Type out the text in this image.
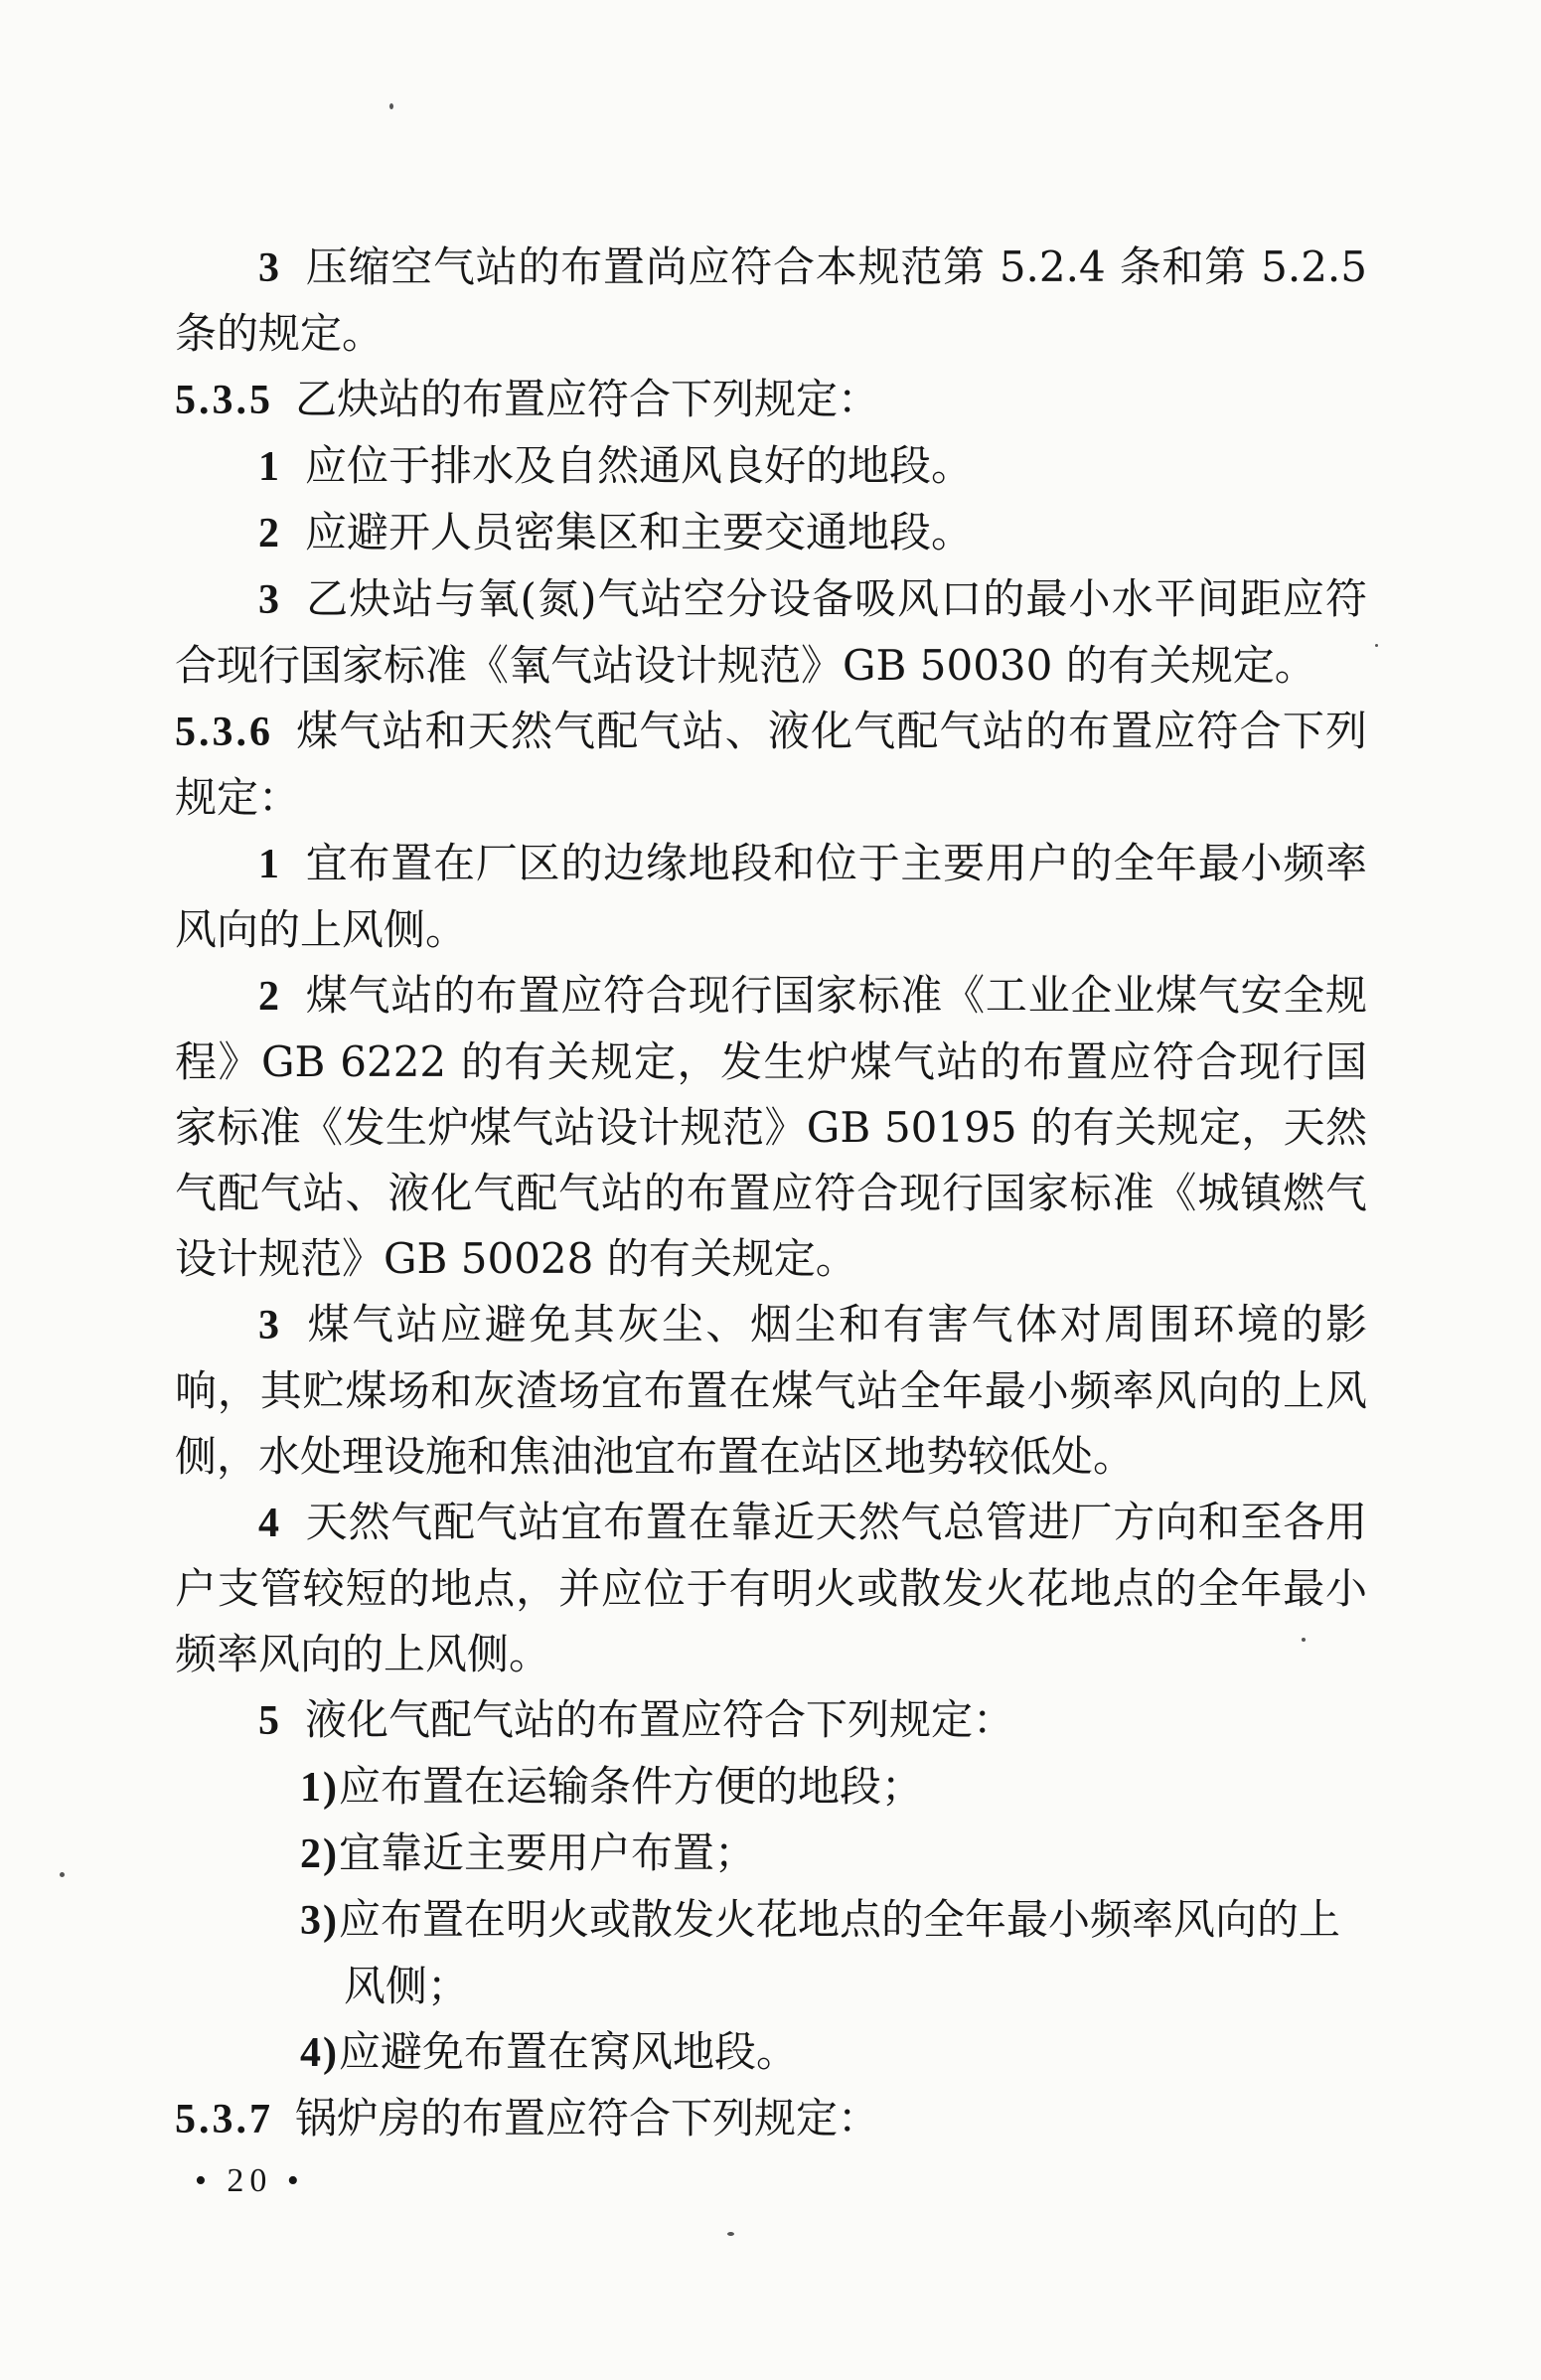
3 压缩空气站的布置尚应符合本规范第 5.2.4 条和第 5.2.5 条的规定。

5.3.5 乙炔站的布置应符合下列规定：

1 应位于排水及自然通风良好的地段。

2 应避开人员密集区和主要交通地段。

3 乙炔站与氧(氮)气站空分设备吸风口的最小水平间距应符合现行国家标准《氧气站设计规范》GB 50030 的有关规定。

5.3.6 煤气站和天然气配气站、液化气配气站的布置应符合下列规定：

1 宜布置在厂区的边缘地段和位于主要用户的全年最小频率风向的上风侧。

2 煤气站的布置应符合现行国家标准《工业企业煤气安全规程》GB 6222 的有关规定，发生炉煤气站的布置应符合现行国家标准《发生炉煤气站设计规范》GB 50195 的有关规定，天然气配气站、液化气配气站的布置应符合现行国家标准《城镇燃气设计规范》GB 50028 的有关规定。

3 煤气站应避免其灰尘、烟尘和有害气体对周围环境的影响，其贮煤场和灰渣场宜布置在煤气站全年最小频率风向的上风侧，水处理设施和焦油池宜布置在站区地势较低处。

4 天然气配气站宜布置在靠近天然气总管进厂方向和至各用户支管较短的地点，并应位于有明火或散发火花地点的全年最小频率风向的上风侧。

5 液化气配气站的布置应符合下列规定：

1)应布置在运输条件方便的地段；

2)宜靠近主要用户布置；

3)应布置在明火或散发火花地点的全年最小频率风向的上
风侧；

4)应避免布置在窝风地段。

5.3.7 锅炉房的布置应符合下列规定：

• 20 •
